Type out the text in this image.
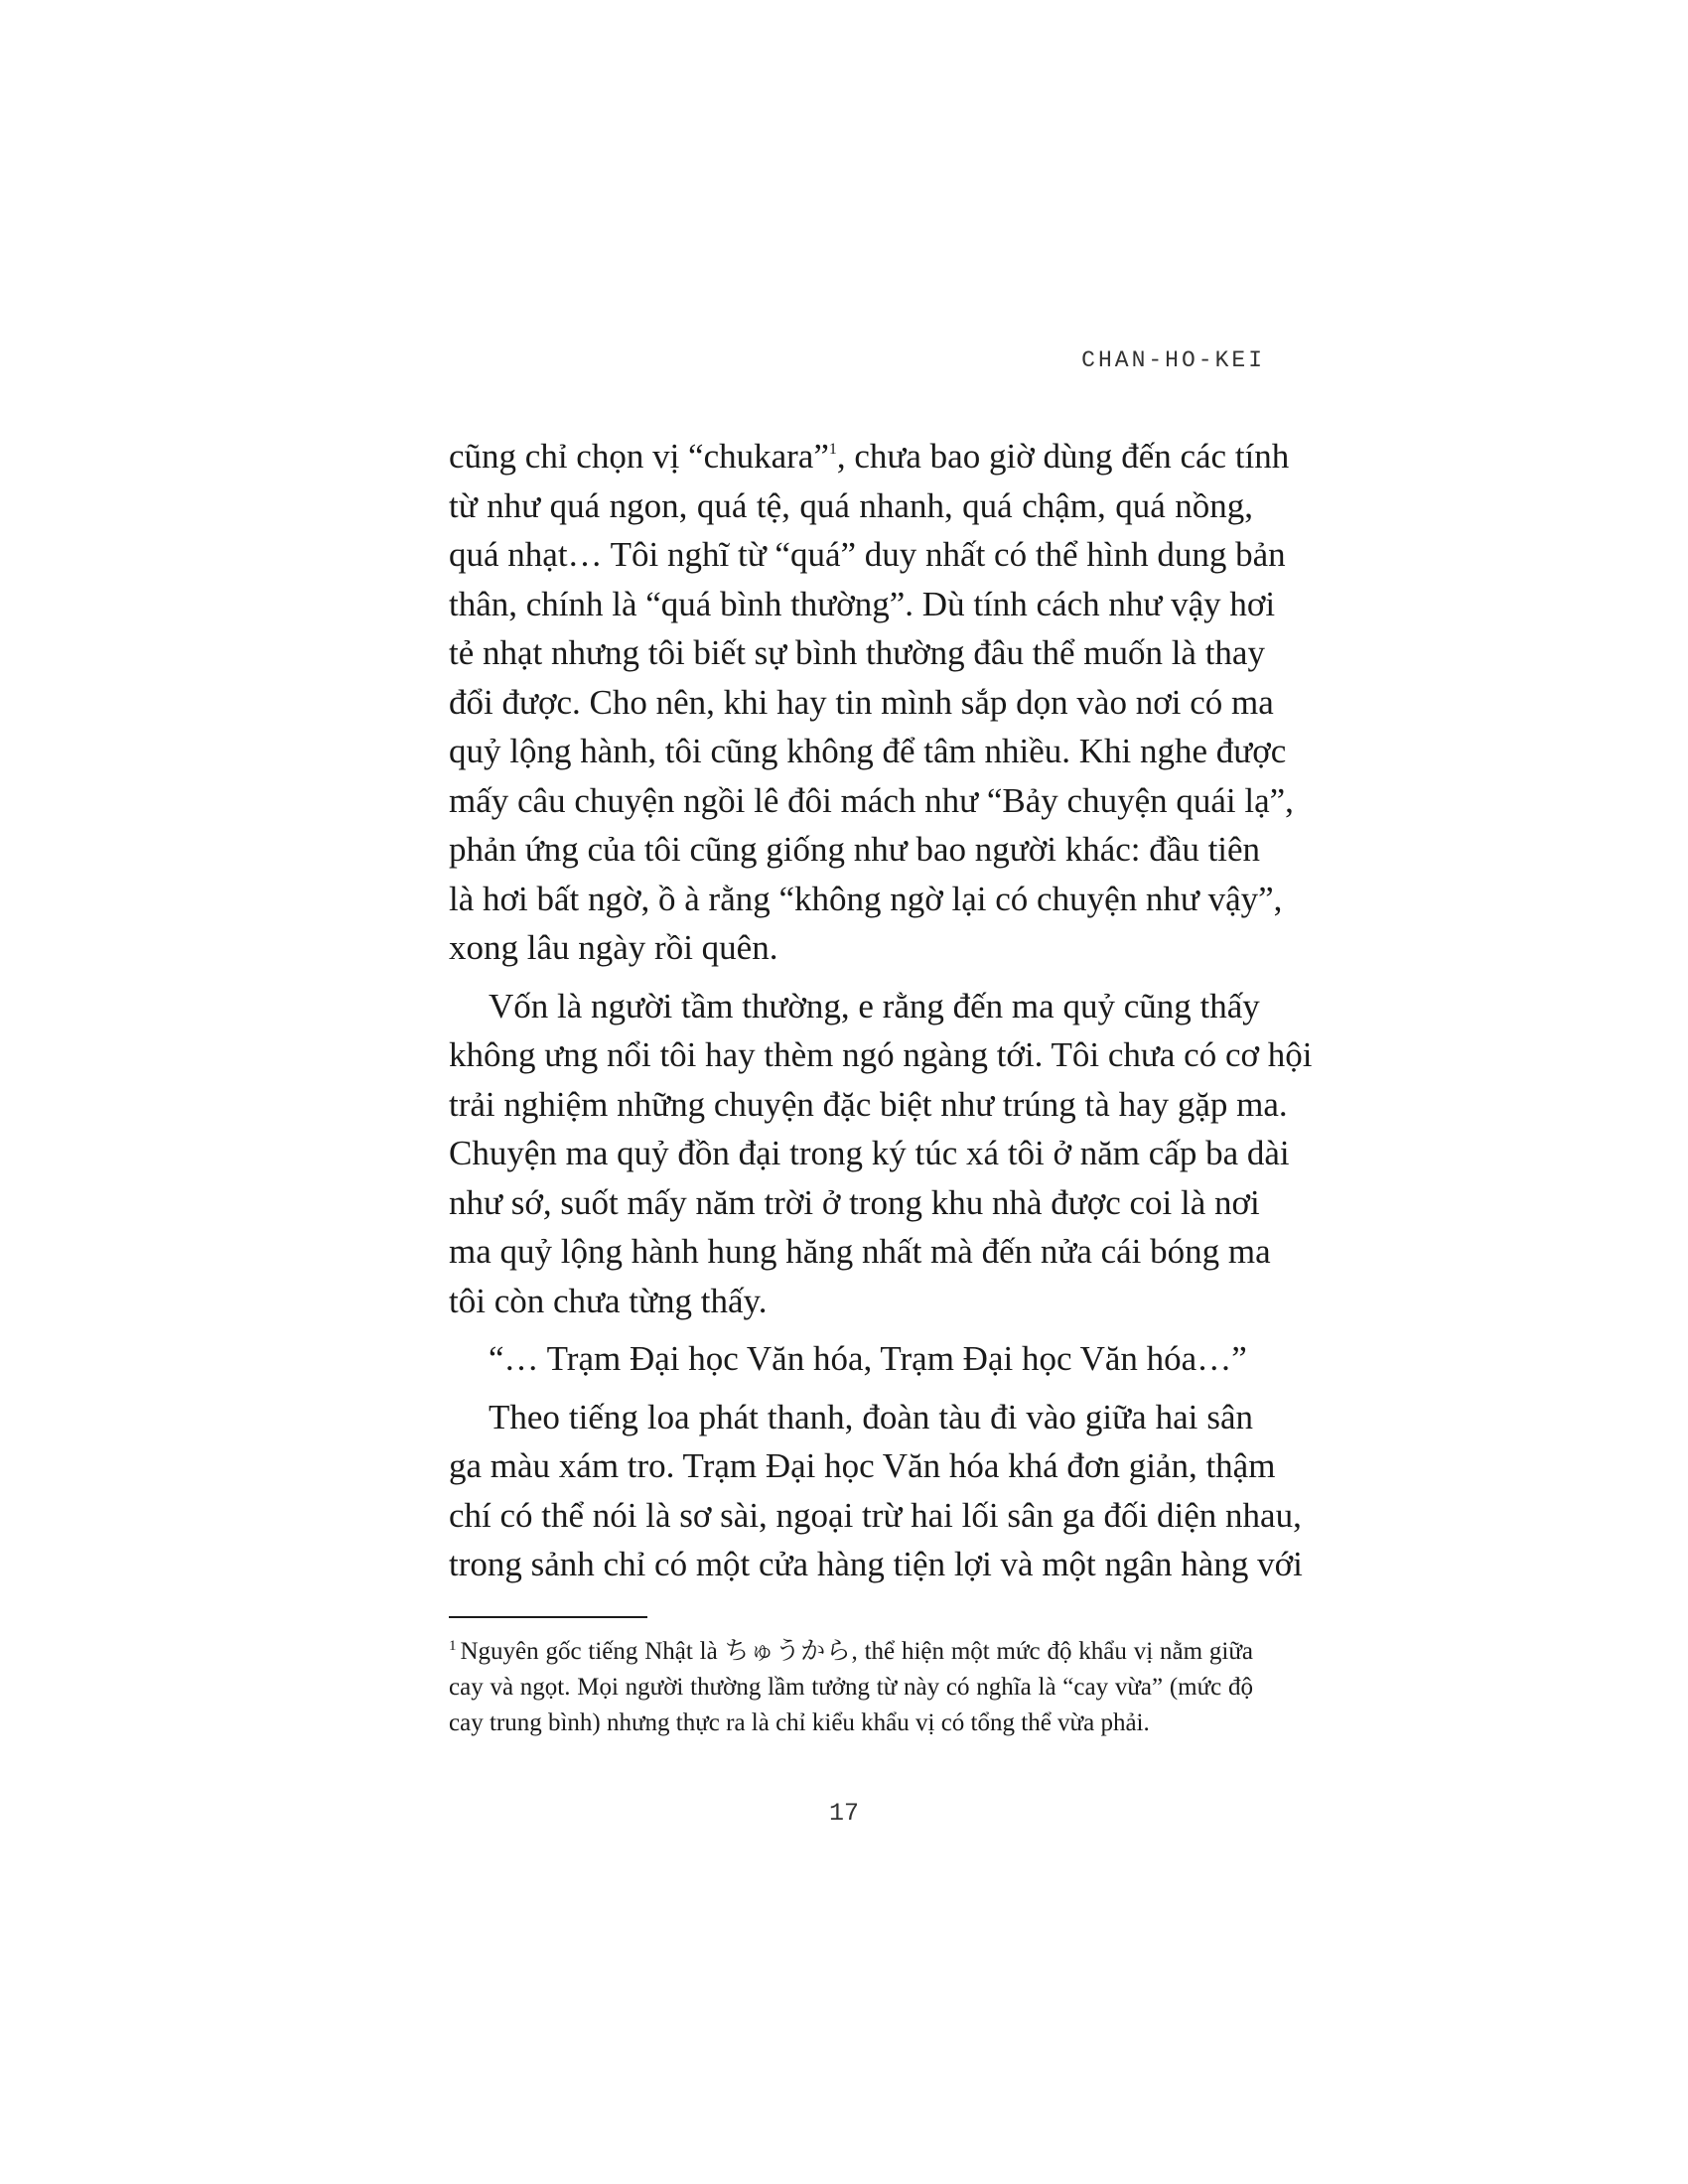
CHAN-HO-KEI

cũng chỉ chọn vị “chukara”$^1$, chưa bao giờ dùng đến các tính
từ như quá ngon, quá tệ, quá nhanh, quá chậm, quá nồng,
quá nhạt… Tôi nghĩ từ “quá” duy nhất có thể hình dung bản
thân, chính là “quá bình thường”. Dù tính cách như vậy hơi
tẻ nhạt nhưng tôi biết sự bình thường đâu thể muốn là thay
đổi được. Cho nên, khi hay tin mình sắp dọn vào nơi có ma
quỷ lộng hành, tôi cũng không để tâm nhiều. Khi nghe được
mấy câu chuyện ngồi lê đôi mách như “Bảy chuyện quái lạ”,
phản ứng của tôi cũng giống như bao người khác: đầu tiên
là hơi bất ngờ, ồ à rằng “không ngờ lại có chuyện như vậy”,
xong lâu ngày rồi quên.

Vốn là người tầm thường, e rằng đến ma quỷ cũng thấy
không ưng nổi tôi hay thèm ngó ngàng tới. Tôi chưa có cơ hội
trải nghiệm những chuyện đặc biệt như trúng tà hay gặp ma.
Chuyện ma quỷ đồn đại trong ký túc xá tôi ở năm cấp ba dài
như sớ, suốt mấy năm trời ở trong khu nhà được coi là nơi
ma quỷ lộng hành hung hăng nhất mà đến nửa cái bóng ma
tôi còn chưa từng thấy.

“… Trạm Đại học Văn hóa, Trạm Đại học Văn hóa…”

Theo tiếng loa phát thanh, đoàn tàu đi vào giữa hai sân
ga màu xám tro. Trạm Đại học Văn hóa khá đơn giản, thậm
chí có thể nói là sơ sài, ngoại trừ hai lối sân ga đối diện nhau,
trong sảnh chỉ có một cửa hàng tiện lợi và một ngân hàng với

$^1$ Nguyên gốc tiếng Nhật là ちゅうから, thể hiện một mức độ khẩu vị nằm giữa
cay và ngọt. Mọi người thường lầm tưởng từ này có nghĩa là “cay vừa” (mức độ
cay trung bình) nhưng thực ra là chỉ kiểu khẩu vị có tổng thể vừa phải.
17
